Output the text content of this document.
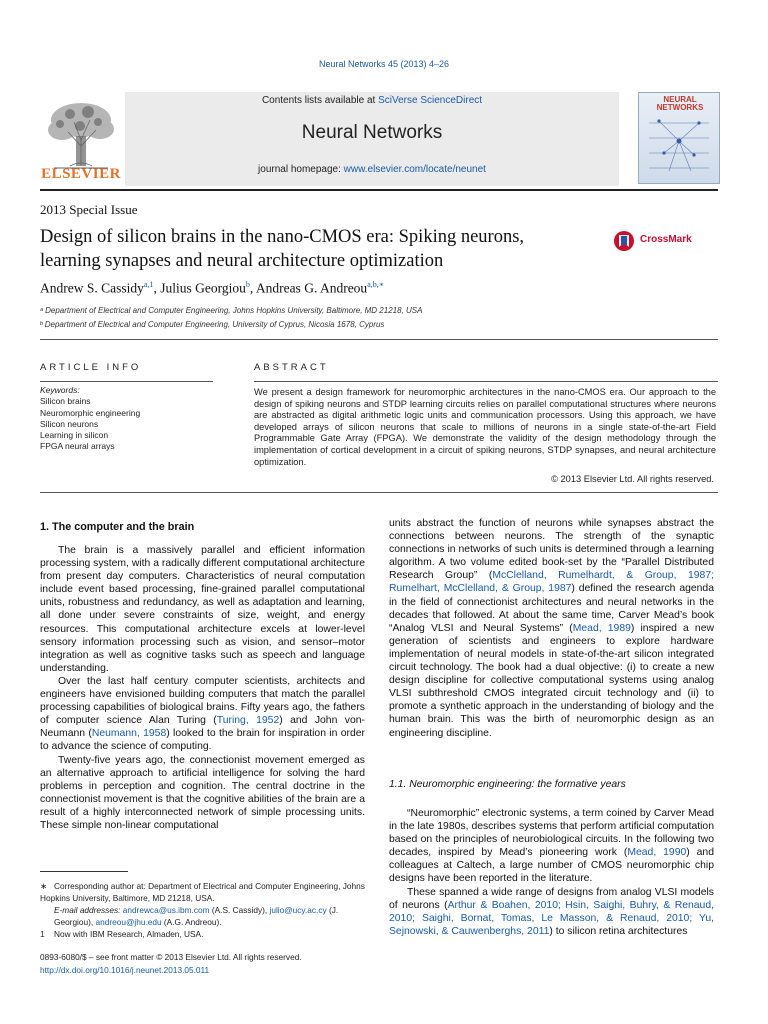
Neural Networks 45 (2013) 4–26
ELSEVIER
Contents lists available at SciVerse ScienceDirect
Neural Networks
journal homepage: www.elsevier.com/locate/neunet
NEURAL NETWORKS
2013 Special Issue
Design of silicon brains in the nano-CMOS era: Spiking neurons,
learning synapses and neural architecture optimization
CrossMark
Andrew S. Cassidy$^{a,1}$, Julius Georgiou$^b$, Andreas G. Andreou$^{a,b,∗}$
ᵃ Department of Electrical and Computer Engineering, Johns Hopkins University, Baltimore, MD 21218, USA
ᵇ Department of Electrical and Computer Engineering, University of Cyprus, Nicosia 1678, Cyprus
ARTICLE INFO	ABSTRACT
Keywords:
Silicon brains
Neuromorphic engineering
Silicon neurons
Learning in silicon
FPGA neural arrays
We present a design framework for neuromorphic architectures in the nano-CMOS era. Our approach to the design of spiking neurons and STDP learning circuits relies on parallel computational structures where neurons are abstracted as digital arithmetic logic units and communication processors. Using this approach, we have developed arrays of silicon neurons that scale to millions of neurons in a single state-of-the-art Field Programmable Gate Array (FPGA). We demonstrate the validity of the design methodology through the implementation of cortical development in a circuit of spiking neurons, STDP synapses, and neural architecture optimization.
© 2013 Elsevier Ltd. All rights reserved.
1. The computer and the brain

The brain is a massively parallel and efficient information processing system, with a radically different computational architecture from present day computers. Characteristics of neural computation include event based processing, fine-grained parallel computational units, robustness and redundancy, as well as adaptation and learning, all done under severe constraints of size, weight, and energy resources. This computational architecture excels at lower-level sensory information processing such as vision, and sensor–motor integration as well as cognitive tasks such as speech and language understanding.

Over the last half century computer scientists, architects and engineers have envisioned building computers that match the parallel processing capabilities of biological brains. Fifty years ago, the fathers of computer science Alan Turing (Turing, 1952) and John von-Neumann (Neumann, 1958) looked to the brain for inspiration in order to advance the science of computing.

Twenty-five years ago, the connectionist movement emerged as an alternative approach to artificial intelligence for solving the hard problems in perception and cognition. The central doctrine in the connectionist movement is that the cognitive abilities of the brain are a result of a highly interconnected network of simple processing units. These simple non-linear computational

units abstract the function of neurons while synapses abstract the connections between neurons. The strength of the synaptic connections in networks of such units is determined through a learning algorithm. A two volume edited book-set by the “Parallel Distributed Research Group” (McClelland, Rumelhardt, & Group, 1987; Rumelhart, McClelland, & Group, 1987) defined the research agenda in the field of connectionist architectures and neural networks in the decades that followed. At about the same time, Carver Mead’s book “Analog VLSI and Neural Systems” (Mead, 1989) inspired a new generation of scientists and engineers to explore hardware implementation of neural models in state-of-the-art silicon integrated circuit technology. The book had a dual objective: (i) to create a new design discipline for collective computational systems using analog VLSI subthreshold CMOS integrated circuit technology and (ii) to promote a synthetic approach in the understanding of biology and the human brain. This was the birth of neuromorphic design as an engineering discipline.

1.1. Neuromorphic engineering: the formative years

“Neuromorphic” electronic systems, a term coined by Carver Mead in the late 1980s, describes systems that perform artificial computation based on the principles of neurobiological circuits. In the following two decades, inspired by Mead’s pioneering work (Mead, 1990) and colleagues at Caltech, a large number of CMOS neuromorphic chip designs have been reported in the literature.

These spanned a wide range of designs from analog VLSI models of neurons (Arthur & Boahen, 2010; Hsin, Saighi, Buhry, & Renaud, 2010; Saighi, Bornat, Tomas, Le Masson, & Renaud, 2010; Yu, Sejnowski, & Cauwenberghs, 2011) to silicon retina architectures

∗ Corresponding author at: Department of Electrical and Computer Engineering, Johns Hopkins University, Baltimore, MD 21218, USA.
E-mail addresses: andrewca@us.ibm.com (A.S. Cassidy), julio@ucy.ac.cy (J. Georgiou), andreou@jhu.edu (A.G. Andreou).
1 Now with IBM Research, Almaden, USA.
0893-6080/$ – see front matter © 2013 Elsevier Ltd. All rights reserved.
http://dx.doi.org/10.1016/j.neunet.2013.05.011
